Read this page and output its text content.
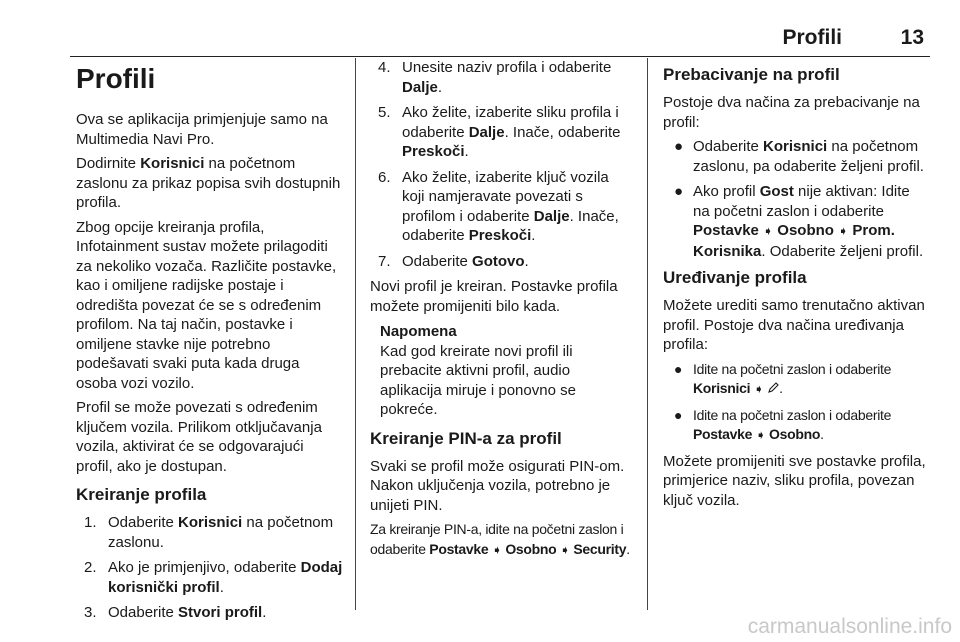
Profili	13
Profili

Ova se aplikacija primjenjuje samo na Multimedia Navi Pro.

Dodirnite Korisnici na početnom zaslonu za prikaz popisa svih dostupnih profila.

Zbog opcije kreiranja profila, Infotainment sustav možete prilagoditi za nekoliko vozača. Različite postavke, kao i omiljene radijske postaje i odredišta povezat će se s određenim profilom. Na taj način, postavke i omiljene stavke nije potrebno podešavati svaki puta kada druga osoba vozi vozilo.

Profil se može povezati s određenim ključem vozila. Prilikom otključavanja vozila, aktivirat će se odgovarajući profil, ako je dostupan.

Kreiranje profila
1. Odaberite Korisnici na početnom zaslonu.
2. Ako je primjenjivo, odaberite Dodaj korisnički profil.
3. Odaberite Stvori profil.
4. Unesite naziv profila i odaberite Dalje.
5. Ako želite, izaberite sliku profila i odaberite Dalje. Inače, odaberite Preskoči.
6. Ako želite, izaberite ključ vozila koji namjeravate povezati s profilom i odaberite Dalje. Inače, odaberite Preskoči.
7. Odaberite Gotovo.

Novi profil je kreiran. Postavke profila možete promijeniti bilo kada.

Napomena
Kad god kreirate novi profil ili prebacite aktivni profil, audio aplikacija miruje i ponovno se pokreće.
Kreiranje PIN-a za profil

Svaki se profil može osigurati PIN-om. Nakon uključenja vozila, potrebno je unijeti PIN.

Za kreiranje PIN-a, idite na početni zaslon i odaberite Postavke ➧ Osobno ➧ Security.

Prebacivanje na profil

Postoje dva načina za prebacivanje na profil:

● Odaberite Korisnici na početnom zaslonu, pa odaberite željeni profil.
● Ako profil Gost nije aktivan: Idite na početni zaslon i odaberite Postavke ➧ Osobno ➧ Prom. Korisnika. Odaberite željeni profil.
Uređivanje profila

Možete urediti samo trenutačno aktivan profil. Postoje dva načina uređivanja profila:

● Idite na početni zaslon i odaberite Korisnici ➧ .
● Idite na početni zaslon i odaberite Postavke ➧ Osobno.

Možete promijeniti sve postavke profila, primjerice naziv, sliku profila, povezan ključ vozila.

carmanualsonline.info
